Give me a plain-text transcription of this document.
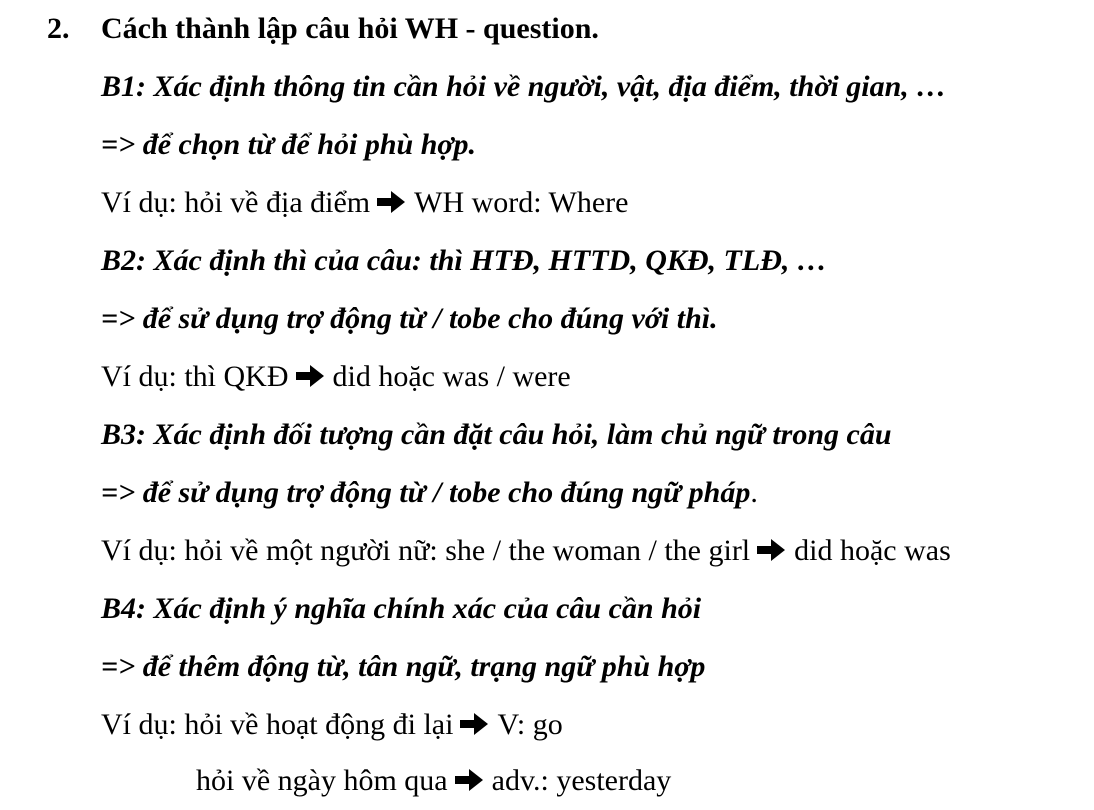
2. Cách thành lập câu hỏi WH - question.
B1: Xác định thông tin cần hỏi về người, vật, địa điểm, thời gian, …
=> để chọn từ để hỏi phù hợp.
Ví dụ: hỏi về địa điểm WH word: Where
B2: Xác định thì của câu: thì HTĐ, HTTD, QKĐ, TLĐ, …
=> để sử dụng trợ động từ / tobe cho đúng với thì.
Ví dụ: thì QKĐ did hoặc was / were
B3: Xác định đối tượng cần đặt câu hỏi, làm chủ ngữ trong câu
=> để sử dụng trợ động từ / tobe cho đúng ngữ pháp.
Ví dụ: hỏi về một người nữ: she / the woman / the girl did hoặc was
B4: Xác định ý nghĩa chính xác của câu cần hỏi
=> để thêm động từ, tân ngữ, trạng ngữ phù hợp
Ví dụ: hỏi về hoạt động đi lại V: go
hỏi về ngày hôm qua adv.: yesterday
